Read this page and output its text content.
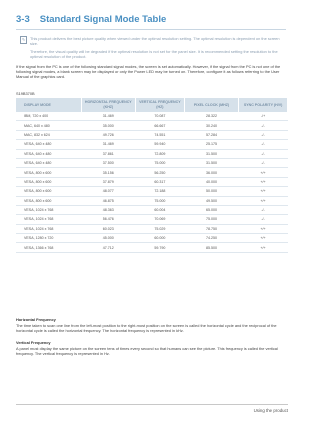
3-3 Standard Signal Mode Table
✎	This product delivers the best picture quality when viewed under the optimal resolution setting. The optimal resolution is dependent on the screen size.

Therefore, the visual quality will be degraded if the optimal resolution is not set for the panel size. It is recommended setting the resolution to the optimal resolution of the product.

If the signal from the PC is one of the following standard signal modes, the screen is set automatically. However, if the signal from the PC is not one of the following signal modes, a blank screen may be displayed or only the Power LED may be turned on. Therefore, configure it as follows referring to the User Manual of the graphics card.
S19B370B
DISPLAY MODE	HORIZONTAL FREQUENCY (KHZ)	VERTICAL FREQUENCY (HZ)	PIXEL CLOCK (MHZ)	SYNC POLARITY (H/V)
IBM, 720 x 400	31.469	70.087	28.322	-/+
MAC, 640 x 480	35.000	66.667	30.240	-/-
MAC, 832 x 624	49.726	74.551	57.284	-/-
VESA, 640 x 480	31.469	59.940	25.175	-/-
VESA, 640 x 480	37.861	72.809	31.500	-/-
VESA, 640 x 480	37.500	75.000	31.500	-/-
VESA, 800 x 600	35.156	56.250	36.000	+/+
VESA, 800 x 600	37.879	60.317	40.000	+/+
VESA, 800 x 600	48.077	72.188	50.000	+/+
VESA, 800 x 600	46.875	75.000	49.500	+/+
VESA, 1024 x 768	48.363	60.004	65.000	-/-
VESA, 1024 x 768	56.476	70.069	75.000	-/-
VESA, 1024 x 768	60.023	75.029	78.750	+/+
VESA, 1280 x 720	45.000	60.000	74.250	+/+
VESA, 1366 x 768	47.712	59.790	85.500	+/+
Horizontal Frequency
The time taken to scan one line from the left-most position to the right-most position on the screen is called the horizontal cycle and the reciprocal of the horizontal cycle is called the horizontal frequency. The horizontal frequency is represented in kHz.
Vertical Frequency
A panel must display the same picture on the screen tens of times every second so that humans can see the picture. This frequency is called the vertical frequency. The vertical frequency is represented in Hz.
Using the product
